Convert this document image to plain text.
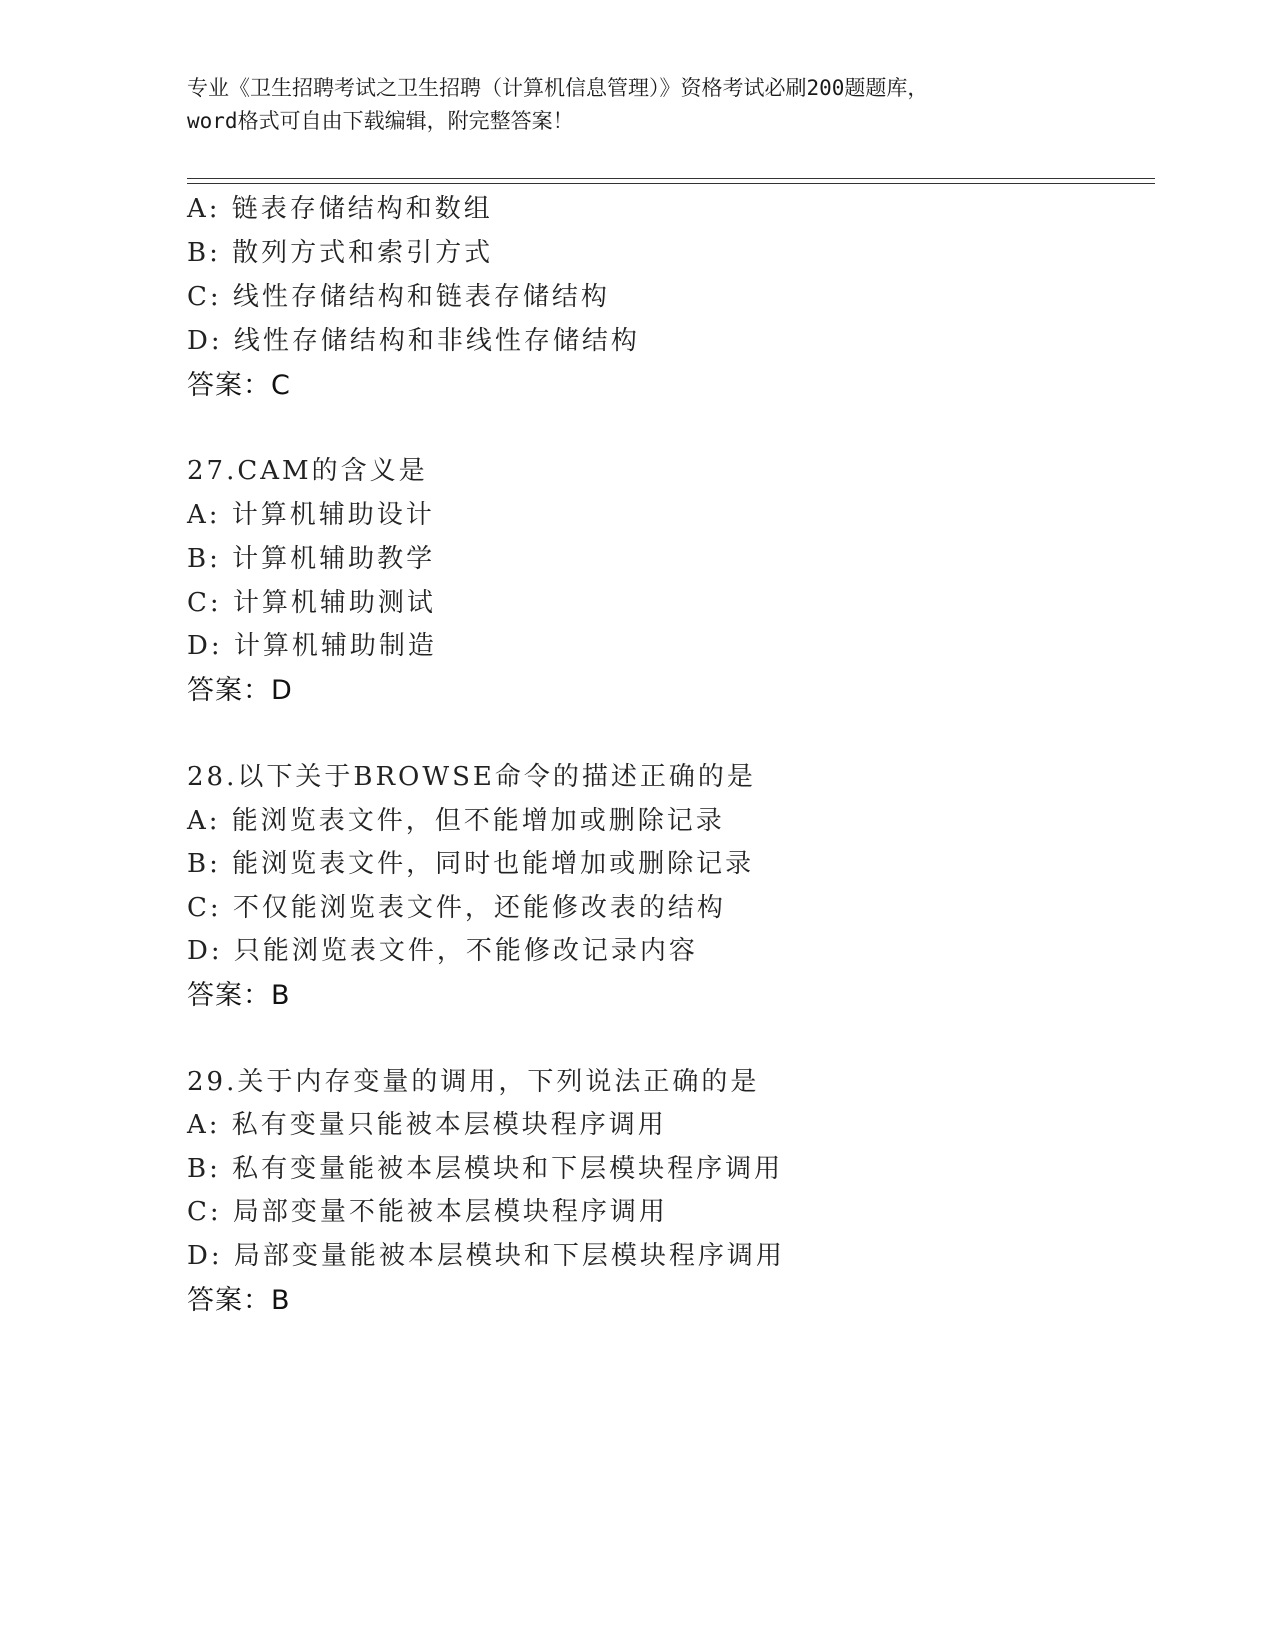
专业《卫生招聘考试之卫生招聘（计算机信息管理）》资格考试必刷200题题库，
word格式可自由下载编辑，附完整答案！
A: 链表存储结构和数组
B: 散列方式和索引方式
C: 线性存储结构和链表存储结构
D: 线性存储结构和非线性存储结构
答案：C
27.CAM的含义是
A: 计算机辅助设计
B: 计算机辅助教学
C: 计算机辅助测试
D: 计算机辅助制造
答案：D
28.以下关于BROWSE命令的描述正确的是
A: 能浏览表文件，但不能增加或删除记录
B: 能浏览表文件，同时也能增加或删除记录
C: 不仅能浏览表文件，还能修改表的结构
D: 只能浏览表文件，不能修改记录内容
答案：B
29.关于内存变量的调用，下列说法正确的是
A: 私有变量只能被本层模块程序调用
B: 私有变量能被本层模块和下层模块程序调用
C: 局部变量不能被本层模块程序调用
D: 局部变量能被本层模块和下层模块程序调用
答案：B
